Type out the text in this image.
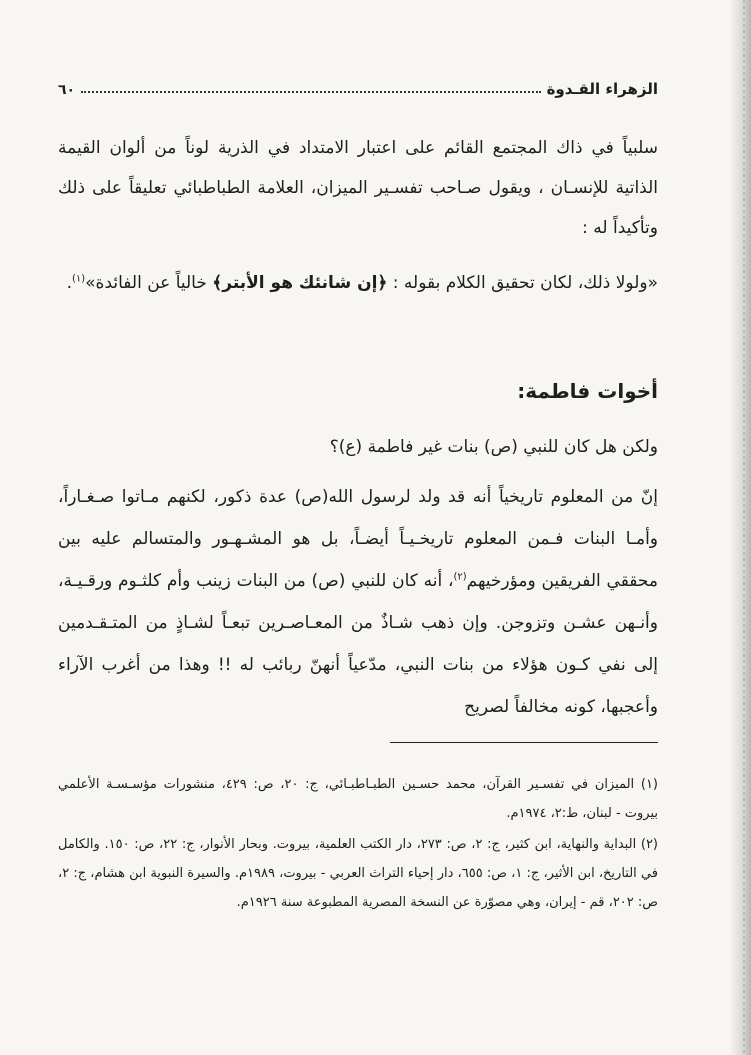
الزهراء القـدوة
٦٠
سلبياً في ذاك المجتمع القائم على اعتبار الامتداد في الذرية لوناً من ألوان القيمة الذاتية للإنسـان ، ويقول صـاحب تفسـير الميزان، العلامة الطباطبائي تعليقاً على ذلك وتأكيداً له :
«ولولا ذلك، لكان تحقيق الكلام بقوله : ﴿إن شانئك هو الأبتر﴾ خالياً عن الفائدة»$^{(١)}$.
أخوات فاطمة:
ولكن هل كان للنبي (ص) بنات غير فاطمة (ع)؟
إنّ من المعلوم تاريخياً أنه قد ولد لرسول الله(ص) عدة ذكور، لكنهم مـاتوا صـغـاراً، وأمـا البنات فـمن المعلوم تاريخـيـاً أيضـاً، بل هو المشـهـور والمتسالم عليه بين محققي الفريقين ومؤرخيهم$^{(٢)}$، أنه كان للنبي (ص) من البنات زينب وأم كلثـوم ورقـيـة، وأنـهن عشـن وتزوجن. وإن ذهب شـاذٌ من المعـاصـرين تبعـاً لشـاذٍ من المتـقـدمين إلى نفي كـون هؤلاء من بنات النبي، مدّعياً أنهنّ ربائب له !! وهذا من أغرب الآراء وأعجبها، كونه مخالفاً لصريح

(١) الميزان في تفسـير القرآن، محمد حسـين الطبـاطبـائي، ج: ٢٠، ص: ٤٢٩، منشورات مؤسـسـة الأعلمي بيروت - لبنان، ط:٢، ١٩٧٤م.

(٢) البداية والنهاية، ابن كثير، ج: ٢، ص: ٢٧٣، دار الكتب العلمية، بيروت. وبحار الأنوار، ج: ٢٢، ص: ١٥٠. والكامل في التاريخ، ابن الأثير، ج: ١، ص: ٦٥٥، دار إحياء التراث العربي - بيروت، ١٩٨٩م. والسيرة النبوية ابن هشام، ج: ٢، ص: ٢٠٢، قم - إيران، وهي مصوّرة عن النسخة المصرية المطبوعة سنة ١٩٢٦م.
